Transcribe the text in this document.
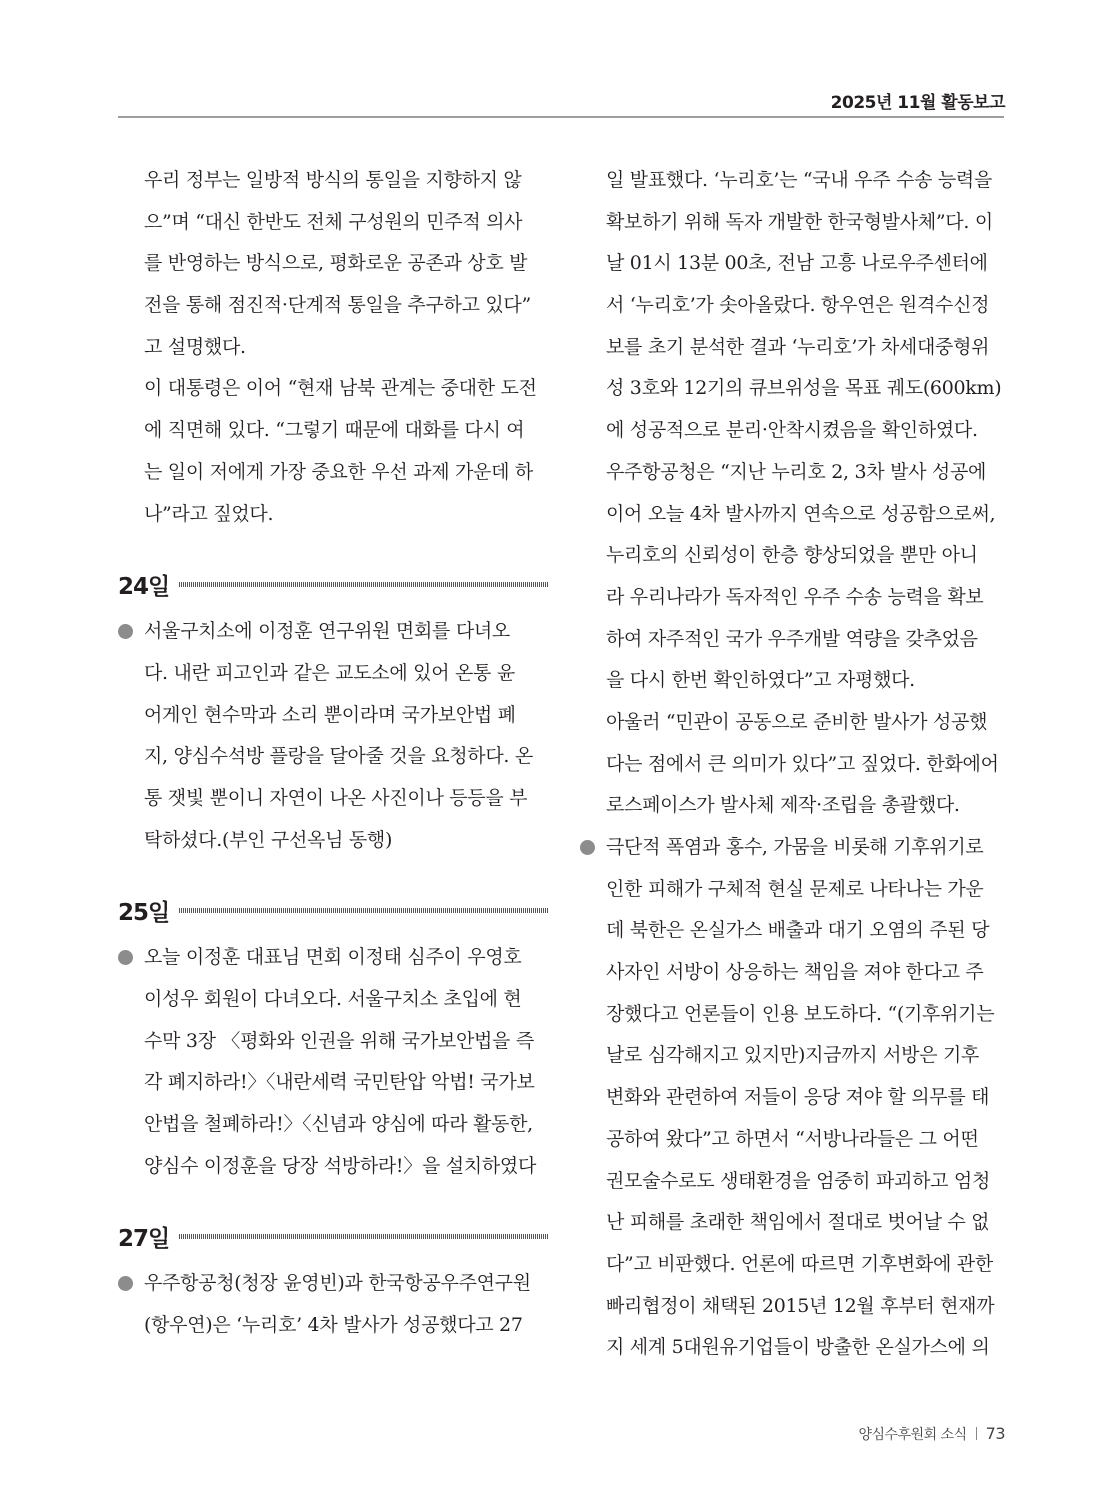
2025년 11월 활동보고
우리 정부는 일방적 방식의 통일을 지향하지 않
으”며 “대신 한반도 전체 구성원의 민주적 의사
를 반영하는 방식으로, 평화로운 공존과 상호 발
전을 통해 점진적·단계적 통일을 추구하고 있다”
고 설명했다.
이 대통령은 이어 “현재 남북 관계는 중대한 도전
에 직면해 있다. “그렇기 때문에 대화를 다시 여
는 일이 저에게 가장 중요한 우선 과제 가운데 하
나”라고 짚었다.
24일
서울구치소에 이정훈 연구위원 면회를 다녀오
다. 내란 피고인과 같은 교도소에 있어 온통 윤
어게인 현수막과 소리 뿐이라며 국가보안법 폐
지, 양심수석방 플랑을 달아줄 것을 요청하다. 온
통 잿빛 뿐이니 자연이 나온 사진이나 등등을 부
탁하셨다.(부인 구선옥님 동행)
25일
오늘 이정훈 대표님 면회 이정태 심주이 우영호
이성우 회원이 다녀오다. 서울구치소 초입에 현
수막 3장 〈평화와 인권을 위해 국가보안법을 즉
각 폐지하라!〉〈내란세력 국민탄압 악법! 국가보
안법을 철폐하라!〉〈신념과 양심에 따라 활동한,
양심수 이정훈을 당장 석방하라!〉을 설치하였다
27일
우주항공청(청장 윤영빈)과 한국항공우주연구원
(항우연)은 ‘누리호’ 4차 발사가 성공했다고 27
일 발표했다. ‘누리호’는 “국내 우주 수송 능력을
확보하기 위해 독자 개발한 한국형발사체”다. 이
날 01시 13분 00초, 전남 고흥 나로우주센터에
서 ‘누리호’가 솟아올랐다. 항우연은 원격수신정
보를 초기 분석한 결과 ‘누리호’가 차세대중형위
성 3호와 12기의 큐브위성을 목표 궤도(600km)
에 성공적으로 분리·안착시켰음을 확인하였다.
우주항공청은 “지난 누리호 2, 3차 발사 성공에
이어 오늘 4차 발사까지 연속으로 성공함으로써,
누리호의 신뢰성이 한층 향상되었을 뿐만 아니
라 우리나라가 독자적인 우주 수송 능력을 확보
하여 자주적인 국가 우주개발 역량을 갖추었음
을 다시 한번 확인하였다”고 자평했다.
아울러 “민관이 공동으로 준비한 발사가 성공했
다는 점에서 큰 의미가 있다”고 짚었다. 한화에어
로스페이스가 발사체 제작·조립을 총괄했다.
극단적 폭염과 홍수, 가뭄을 비롯해 기후위기로
인한 피해가 구체적 현실 문제로 나타나는 가운
데 북한은 온실가스 배출과 대기 오염의 주된 당
사자인 서방이 상응하는 책임을 져야 한다고 주
장했다고 언론들이 인용 보도하다. “(기후위기는
날로 심각해지고 있지만)지금까지 서방은 기후
변화와 관련하여 저들이 응당 져야 할 의무를 태
공하여 왔다”고 하면서 “서방나라들은 그 어떤
권모술수로도 생태환경을 엄중히 파괴하고 엄청
난 피해를 초래한 책임에서 절대로 벗어날 수 없
다”고 비판했다. 언론에 따르면 기후변화에 관한
빠리협정이 채택된 2015년 12월 후부터 현재까
지 세계 5대원유기업들이 방출한 온실가스에 의
양심수후원회 소식 73
